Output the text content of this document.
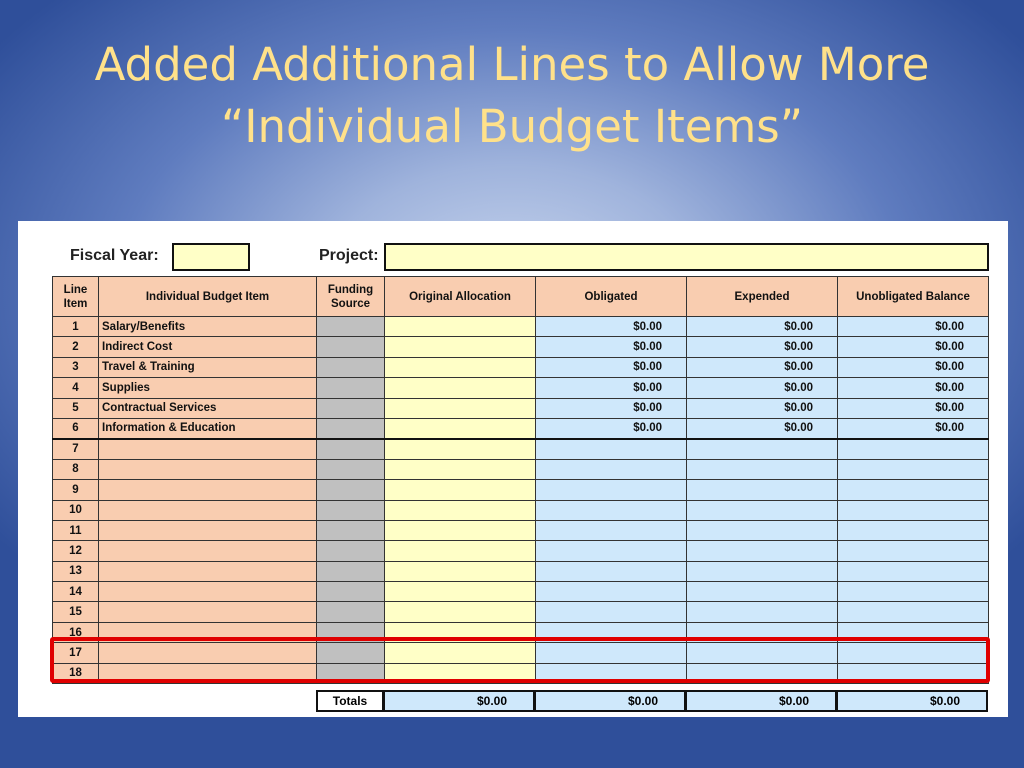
Added Additional Lines to Allow More
“Individual Budget Items”
Fiscal Year:	Project:
Line Item	Individual Budget Item	Funding Source	Original Allocation	Obligated	Expended	Unobligated Balance
1	Salary/Benefits			$0.00	$0.00	$0.00
2	Indirect Cost			$0.00	$0.00	$0.00
3	Travel & Training			$0.00	$0.00	$0.00
4	Supplies			$0.00	$0.00	$0.00
5	Contractual Services			$0.00	$0.00	$0.00
6	Information & Education			$0.00	$0.00	$0.00
7						
8						
9						
10						
11						
12						
13						
14						
15						
16						
17						
18						
Totals	$0.00	$0.00	$0.00	$0.00
